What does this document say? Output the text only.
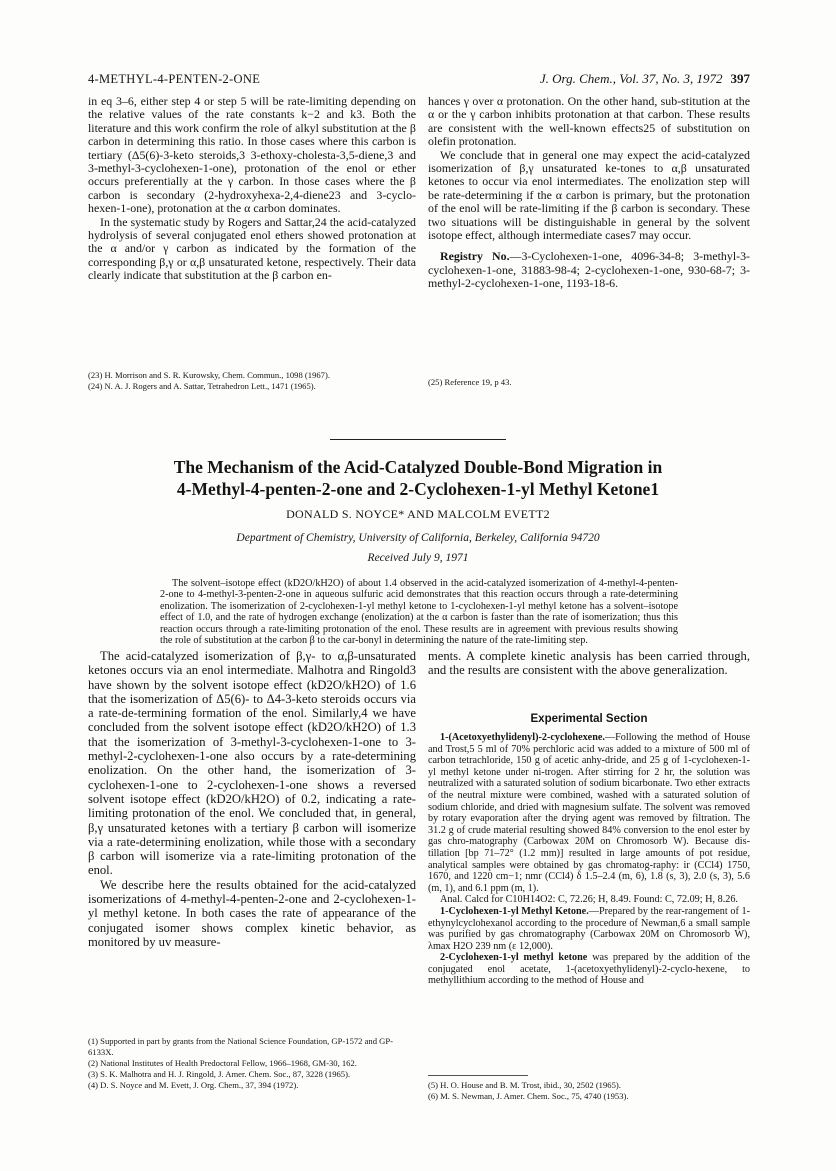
4-METHYL-4-PENTEN-2-ONE	J. Org. Chem., Vol. 37, No. 3, 1972 397

in eq 3–6, either step 4 or step 5 will be rate-limiting depending on the relative values of the rate constants k−2 and k3. Both the literature and this work confirm the role of alkyl substitution at the β carbon in determining this ratio. In those cases where this carbon is tertiary (Δ5(6)-3-keto steroids,3 3-ethoxy-cholesta-3,5-diene,3 and 3-methyl-3-cyclohexen-1-one), protonation of the enol or ether occurs preferentially at the γ carbon. In those cases where the β carbon is secondary (2-hydroxyhexa-2,4-diene23 and 3-cyclo-hexen-1-one), protonation at the α carbon dominates.

In the systematic study by Rogers and Sattar,24 the acid-catalyzed hydrolysis of several conjugated enol ethers showed protonation at the α and/or γ carbon as indicated by the formation of the corresponding β,γ or α,β unsaturated ketone, respectively. Their data clearly indicate that substitution at the β carbon en-

hances γ over α protonation. On the other hand, sub-stitution at the α or the γ carbon inhibits protonation at that carbon. These results are consistent with the well-known effects25 of substitution on olefin protonation.

We conclude that in general one may expect the acid-catalyzed isomerization of β,γ unsaturated ke-tones to α,β unsaturated ketones to occur via enol intermediates. The enolization step will be rate-determining if the α carbon is primary, but the protonation of the enol will be rate-limiting if the β carbon is secondary. These two situations will be distinguishable in general by the solvent isotope effect, although intermediate cases7 may occur.

Registry No.—3-Cyclohexen-1-one, 4096-34-8; 3-methyl-3-cyclohexen-1-one, 31883-98-4; 2-cyclohexen-1-one, 930-68-7; 3-methyl-2-cyclohexen-1-one, 1193-18-6.

(23) H. Morrison and S. R. Kurowsky, Chem. Commun., 1098 (1967).

(24) N. A. J. Rogers and A. Sattar, Tetrahedron Lett., 1471 (1965).	(25) Reference 19, p 43.

The Mechanism of the Acid-Catalyzed Double-Bond Migration in
4-Methyl-4-penten-2-one and 2-Cyclohexen-1-yl Methyl Ketone1
DONALD S. NOYCE* AND MALCOLM EVETT2
Department of Chemistry, University of California, Berkeley, California 94720
Received July 9, 1971
The solvent–isotope effect (kD2O/kH2O) of about 1.4 observed in the acid-catalyzed isomerization of 4-methyl-4-penten-2-one to 4-methyl-3-penten-2-one in aqueous sulfuric acid demonstrates that this reaction occurs through a rate-determining enolization. The isomerization of 2-cyclohexen-1-yl methyl ketone to 1-cyclohexen-1-yl methyl ketone has a solvent–isotope effect of 1.0, and the rate of hydrogen exchange (enolization) at the α carbon is faster than the rate of isomerization; thus this reaction occurs through a rate-limiting protonation of the enol. These results are in agreement with previous results showing the role of substitution at the carbon β to the car-bonyl in determining the nature of the rate-limiting step.

The acid-catalyzed isomerization of β,γ- to α,β-unsaturated ketones occurs via an enol intermediate. Malhotra and Ringold3 have shown by the solvent isotope effect (kD2O/kH2O) of 1.6 that the isomerization of Δ5(6)- to Δ4-3-keto steroids occurs via a rate-de-termining formation of the enol. Similarly,4 we have concluded from the solvent isotope effect (kD2O/kH2O) of 1.3 that the isomerization of 3-methyl-3-cyclohexen-1-one to 3-methyl-2-cyclohexen-1-one also occurs by a rate-determining enolization. On the other hand, the isomerization of 3-cyclohexen-1-one to 2-cyclohexen-1-one shows a reversed solvent isotope effect (kD2O/kH2O) of 0.2, indicating a rate-limiting protonation of the enol. We concluded that, in general, β,γ unsaturated ketones with a tertiary β carbon will isomerize via a rate-determining enolization, while those with a secondary β carbon will isomerize via a rate-limiting protonation of the enol.

We describe here the results obtained for the acid-catalyzed isomerizations of 4-methyl-4-penten-2-one and 2-cyclohexen-1-yl methyl ketone. In both cases the rate of appearance of the conjugated isomer shows complex kinetic behavior, as monitored by uv measure-

(1) Supported in part by grants from the National Science Foundation, GP-1572 and GP-6133X.

(2) National Institutes of Health Predoctoral Fellow, 1966–1968, GM-30, 162.

(3) S. K. Malhotra and H. J. Ringold, J. Amer. Chem. Soc., 87, 3228 (1965).

(4) D. S. Noyce and M. Evett, J. Org. Chem., 37, 394 (1972).

ments. A complete kinetic analysis has been carried through, and the results are consistent with the above generalization.

Experimental Section

1-(Acetoxyethylidenyl)-2-cyclohexene.—Following the method of House and Trost,5 5 ml of 70% perchloric acid was added to a mixture of 500 ml of carbon tetrachloride, 150 g of acetic anhy-dride, and 25 g of 1-cyclohexen-1-yl methyl ketone under ni-trogen. After stirring for 2 hr, the solution was neutralized with a saturated solution of sodium bicarbonate. Two ether extracts of the neutral mixture were combined, washed with a saturated solution of sodium chloride, and dried with magnesium sulfate. The solvent was removed by rotary evaporation after the drying agent was removed by filtration. The 31.2 g of crude material resulting showed 84% conversion to the enol ester by gas chro-matography (Carbowax 20M on Chromosorb W). Because dis-tillation [bp 71–72° (1.2 mm)] resulted in large amounts of pot residue, analytical samples were obtained by gas chromatog-raphy: ir (CCl4) 1750, 1670, and 1220 cm−1; nmr (CCl4) δ 1.5–2.4 (m, 6), 1.8 (s, 3), 2.0 (s, 3), 5.6 (m, 1), and 6.1 ppm (m, 1).

Anal. Calcd for C10H14O2: C, 72.26; H, 8.49. Found: C, 72.09; H, 8.26.

1-Cyclohexen-1-yl Methyl Ketone.—Prepared by the rear-rangement of 1-ethynylcyclohexanol according to the procedure of Newman,6 a small sample was purified by gas chromatography (Carbowax 20M on Chromosorb W), λmax H2O 239 nm (ε 12,000).

2-Cyclohexen-1-yl methyl ketone was prepared by the addition of the conjugated enol acetate, 1-(acetoxyethylidenyl)-2-cyclo-hexene, to methyllithium according to the method of House and

(5) H. O. House and B. M. Trost, ibid., 30, 2502 (1965).

(6) M. S. Newman, J. Amer. Chem. Soc., 75, 4740 (1953).
